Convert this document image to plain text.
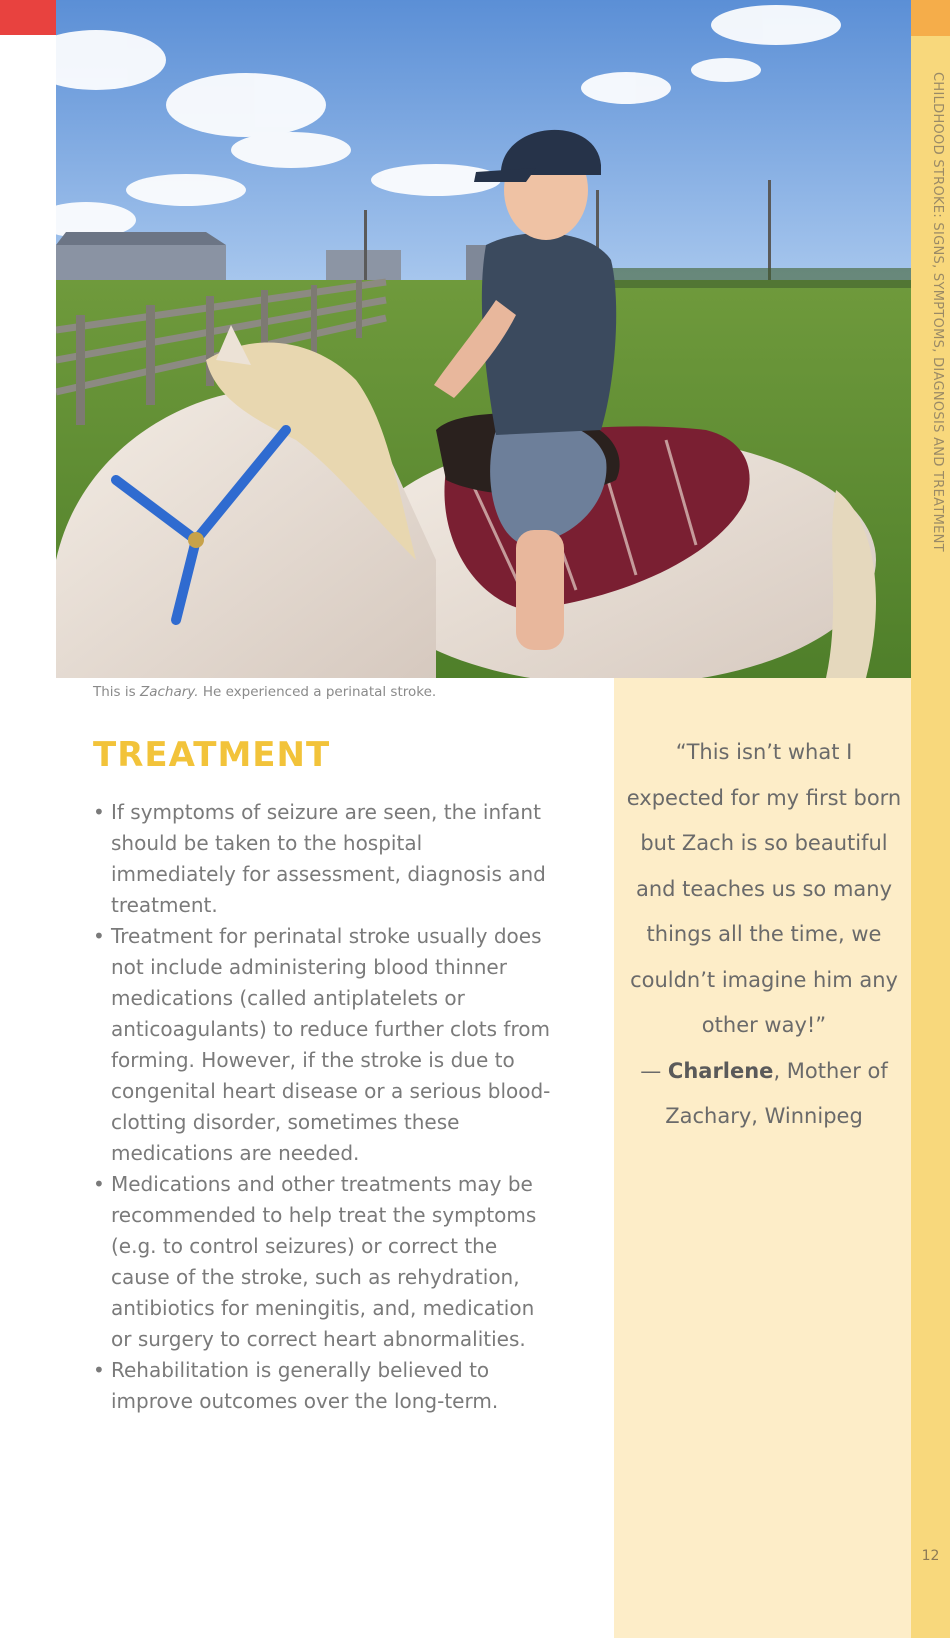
CHILDHOOD STROKE: SIGNS, SYMPTOMS, DIAGNOSIS AND TREATMENT
This is Zachary. He experienced a perinatal stroke.
“This isn’t what I expected for my first born but Zach is so beautiful and teaches us so many things all the time, we couldn’t imagine him any other way!”
— Charlene, Mother of Zachary, Winnipeg
TREATMENT
• If symptoms of seizure are seen, the infant should be taken to the hospital immediately for assessment, diagnosis and treatment.
• Treatment for perinatal stroke usually does not include administering blood thinner medications (called antiplatelets or anticoagulants) to reduce further clots from forming. However, if the stroke is due to congenital heart disease or a serious blood-clotting disorder, sometimes these medications are needed.
• Medications and other treatments may be recommended to help treat the symptoms (e.g. to control seizures) or correct the cause of the stroke, such as rehydration, antibiotics for meningitis, and, medication or surgery to correct heart abnormalities.
• Rehabilitation is generally believed to improve outcomes over the long-term.
12
